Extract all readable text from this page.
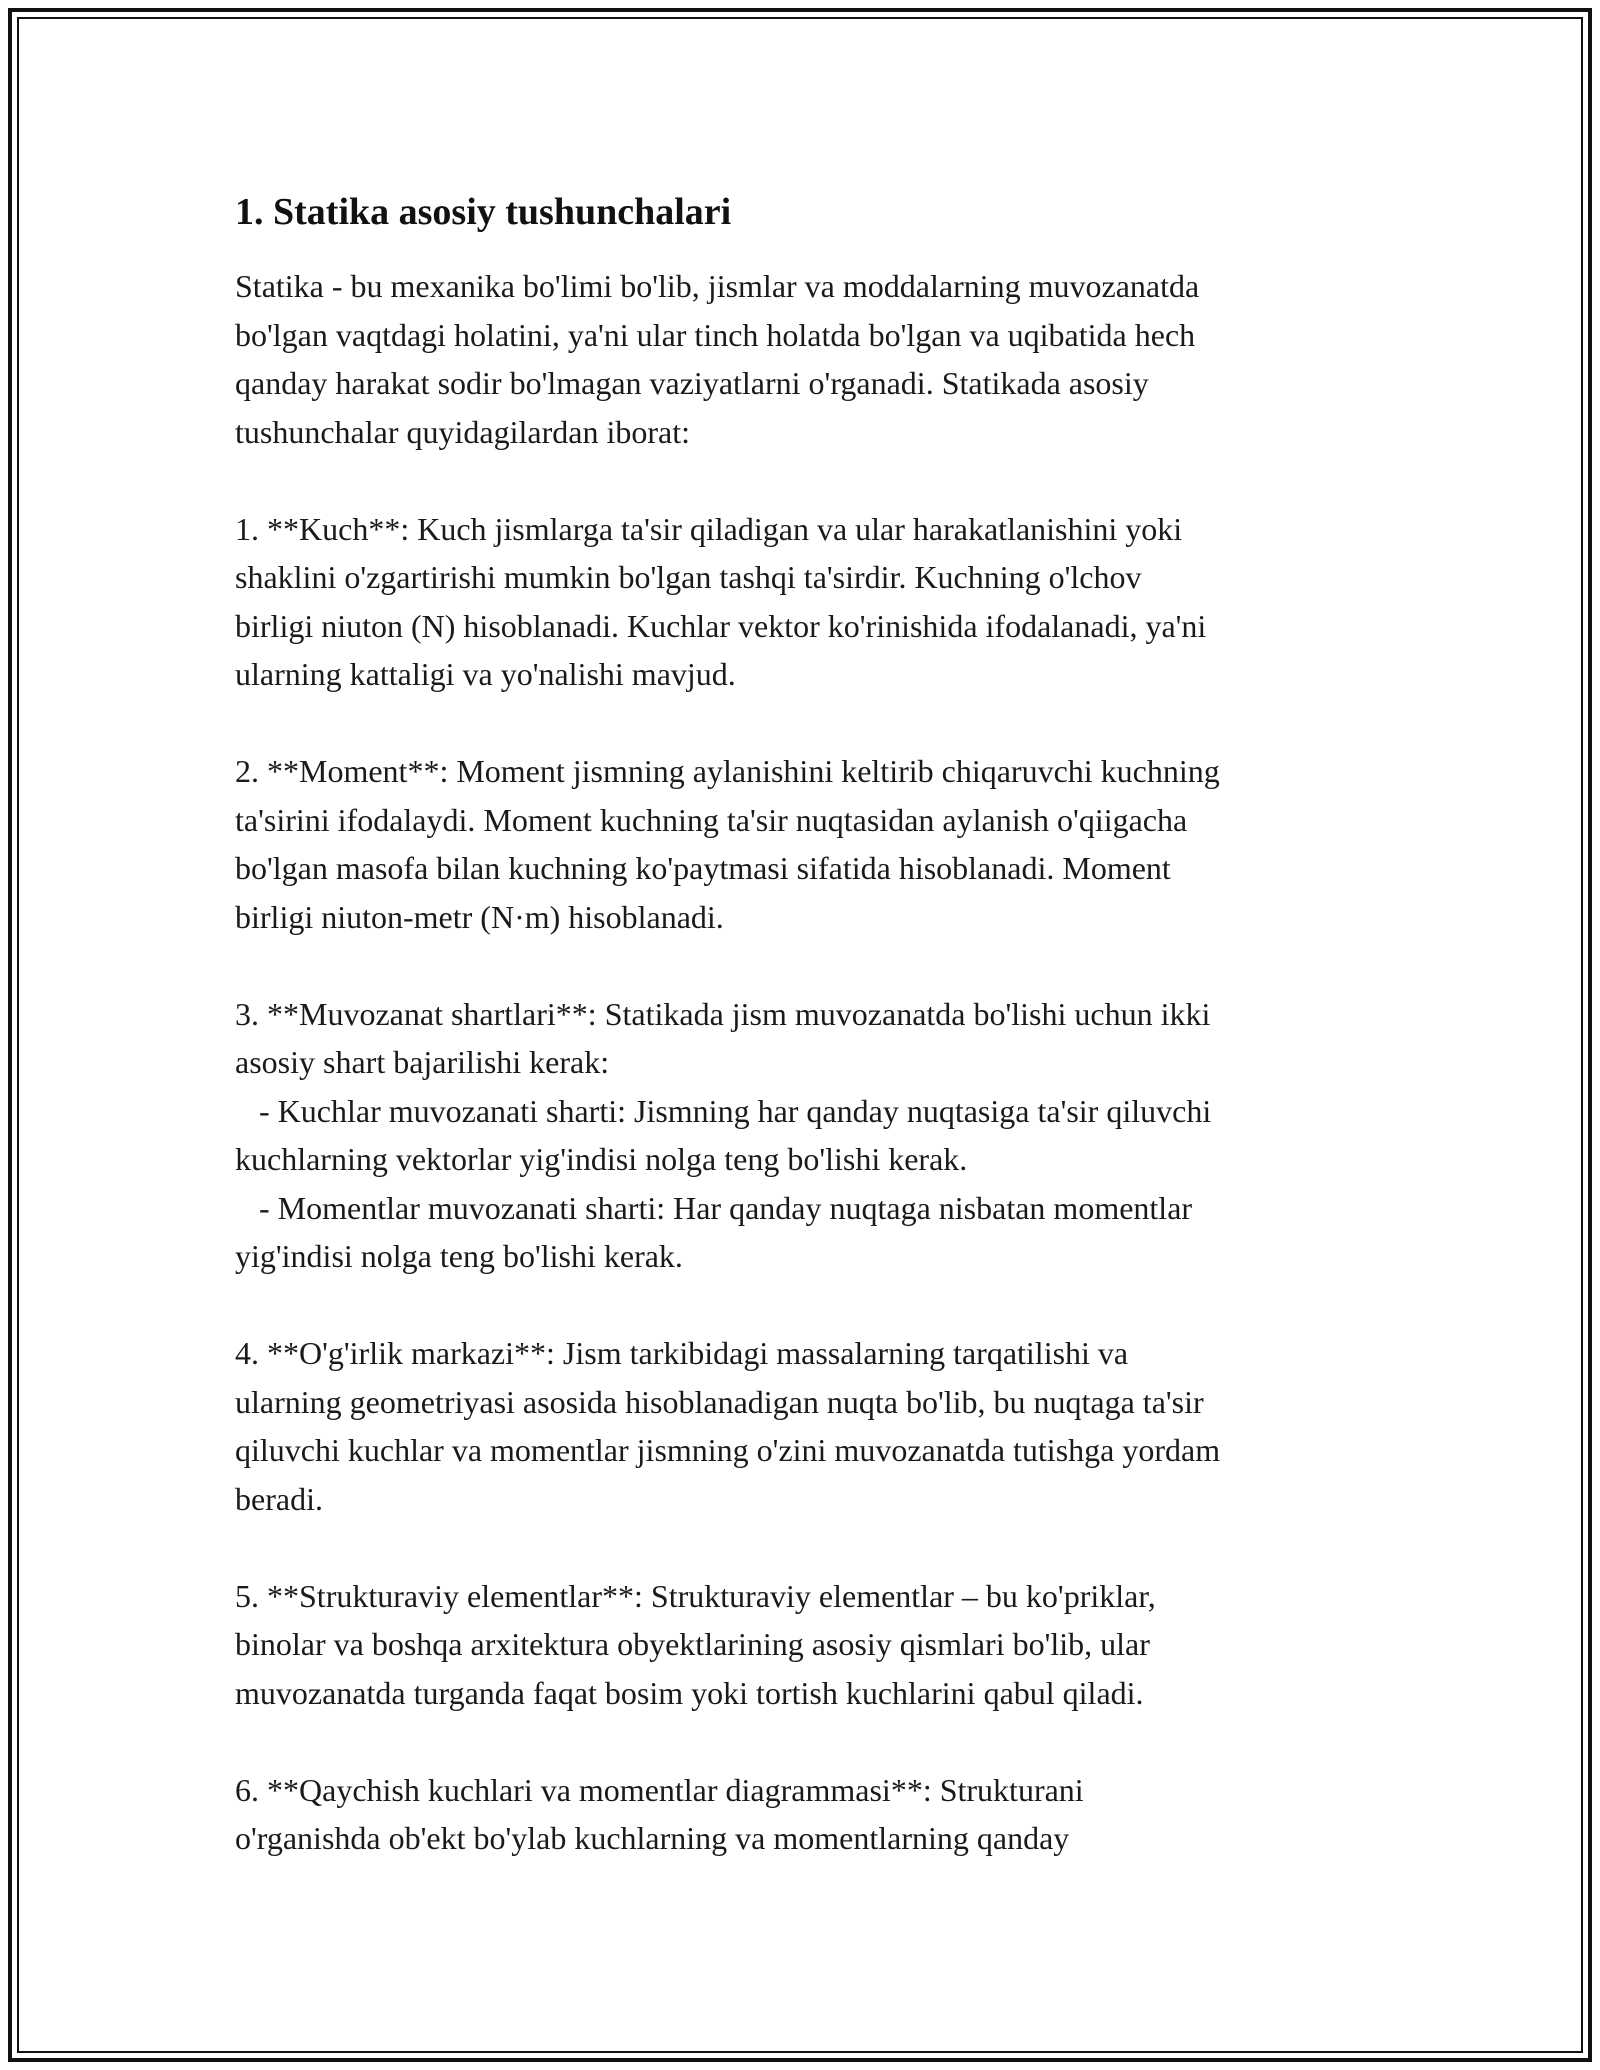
1. Statika asosiy tushunchalari

Statika - bu mexanika bo'limi bo'lib, jismlar va moddalarning muvozanatda
bo'lgan vaqtdagi holatini, ya'ni ular tinch holatda bo'lgan va uqibatida hech
qanday harakat sodir bo'lmagan vaziyatlarni o'rganadi. Statikada asosiy
tushunchalar quyidagilardan iborat:

1. **Kuch**: Kuch jismlarga ta'sir qiladigan va ular harakatlanishini yoki
shaklini o'zgartirishi mumkin bo'lgan tashqi ta'sirdir. Kuchning o'lchov
birligi niuton (N) hisoblanadi. Kuchlar vektor ko'rinishida ifodalanadi, ya'ni
ularning kattaligi va yo'nalishi mavjud.

2. **Moment**: Moment jismning aylanishini keltirib chiqaruvchi kuchning
ta'sirini ifodalaydi. Moment kuchning ta'sir nuqtasidan aylanish o'qiigacha
bo'lgan masofa bilan kuchning ko'paytmasi sifatida hisoblanadi. Moment
birligi niuton-metr (N·m) hisoblanadi.

3. **Muvozanat shartlari**: Statikada jism muvozanatda bo'lishi uchun ikki
asosiy shart bajarilishi kerak:
- Kuchlar muvozanati sharti: Jismning har qanday nuqtasiga ta'sir qiluvchi
kuchlarning vektorlar yig'indisi nolga teng bo'lishi kerak.
- Momentlar muvozanati sharti: Har qanday nuqtaga nisbatan momentlar
yig'indisi nolga teng bo'lishi kerak.

4. **O'g'irlik markazi**: Jism tarkibidagi massalarning tarqatilishi va
ularning geometriyasi asosida hisoblanadigan nuqta bo'lib, bu nuqtaga ta'sir
qiluvchi kuchlar va momentlar jismning o'zini muvozanatda tutishga yordam
beradi.

5. **Strukturaviy elementlar**: Strukturaviy elementlar – bu ko'priklar,
binolar va boshqa arxitektura obyektlarining asosiy qismlari bo'lib, ular
muvozanatda turganda faqat bosim yoki tortish kuchlarini qabul qiladi.

6. **Qaychish kuchlari va momentlar diagrammasi**: Strukturani
o'rganishda ob'ekt bo'ylab kuchlarning va momentlarning qanday
